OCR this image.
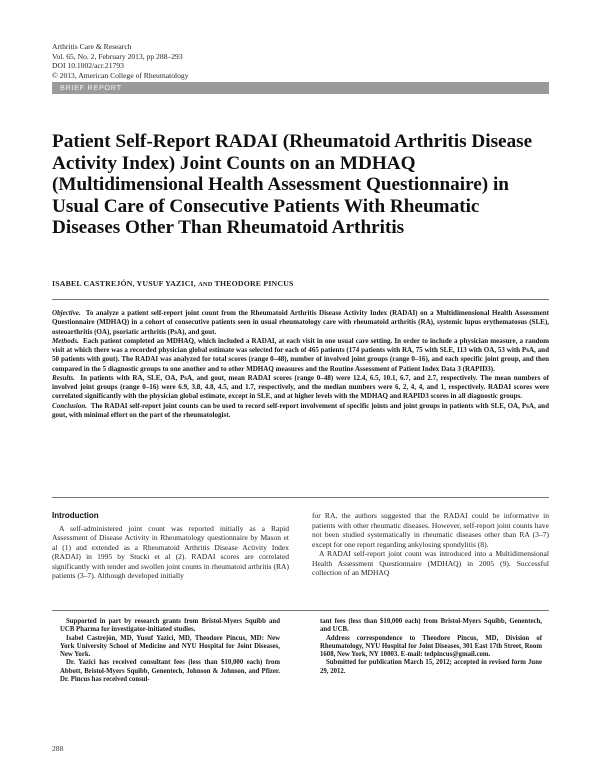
Arthritis Care & Research
Vol. 65, No. 2, February 2013, pp 288–293
DOI 10.1002/acr.21793
© 2013, American College of Rheumatology
BRIEF REPORT
Patient Self-Report RADAI (Rheumatoid Arthritis Disease Activity Index) Joint Counts on an MDHAQ (Multidimensional Health Assessment Questionnaire) in Usual Care of Consecutive Patients With Rheumatic Diseases Other Than Rheumatoid Arthritis
ISABEL CASTREJÓN, YUSUF YAZICI, AND THEODORE PINCUS

Objective. To analyze a patient self-report joint count from the Rheumatoid Arthritis Disease Activity Index (RADAI) on a Multidimensional Health Assessment Questionnaire (MDHAQ) in a cohort of consecutive patients seen in usual rheumatology care with rheumatoid arthritis (RA), systemic lupus erythematosus (SLE), osteoarthritis (OA), psoriatic arthritis (PsA), and gout.

Methods. Each patient completed an MDHAQ, which included a RADAI, at each visit in one usual care setting. In order to include a physician measure, a random visit at which there was a recorded physician global estimate was selected for each of 465 patients (174 patients with RA, 75 with SLE, 113 with OA, 53 with PsA, and 50 patients with gout). The RADAI was analyzed for total scores (range 0–48), number of involved joint groups (range 0–16), and each specific joint group, and then compared in the 5 diagnostic groups to one another and to other MDHAQ measures and the Routine Assessment of Patient Index Data 3 (RAPID3).

Results. In patients with RA, SLE, OA, PsA, and gout, mean RADAI scores (range 0–48) were 12.4, 6.5, 10.1, 6.7, and 2.7, respectively. The mean numbers of involved joint groups (range 0–16) were 6.9, 3.8, 4.8, 4.5, and 1.7, respectively, and the median numbers were 6, 2, 4, 4, and 1, respectively. RADAI scores were correlated significantly with the physician global estimate, except in SLE, and at higher levels with the MDHAQ and RAPID3 scores in all diagnostic groups.

Conclusion. The RADAI self-report joint counts can be used to record self-report involvement of specific joints and joint groups in patients with SLE, OA, PsA, and gout, with minimal effort on the part of the rheumatologist.

Introduction

A self-administered joint count was reported initially as a Rapid Assessment of Disease Activity in Rheumatology questionnaire by Mason et al (1) and extended as a Rheumatoid Arthritis Disease Activity Index (RADAI) in 1995 by Stucki et al (2). RADAI scores are correlated significantly with tender and swollen joint counts in rheumatoid arthritis (RA) patients (3–7). Although developed initially

for RA, the authors suggested that the RADAI could be informative in patients with other rheumatic diseases. However, self-report joint counts have not been studied systematically in rheumatic diseases other than RA (3–7) except for one report regarding ankylosing spondylitis (8).

A RADAI self-report joint count was introduced into a Multidimensional Health Assessment Questionnaire (MDHAQ) in 2005 (9). Successful collection of an MDHAQ

Supported in part by research grants from Bristol-Myers Squibb and UCB Pharma for investigator-initiated studies.

Isabel Castrejón, MD, Yusuf Yazici, MD, Theodore Pincus, MD: New York University School of Medicine and NYU Hospital for Joint Diseases, New York.

Dr. Yazici has received consultant fees (less than $10,000 each) from Abbott, Bristol-Myers Squibb, Genentech, Johnson & Johnson, and Pfizer. Dr. Pincus has received consul-

tant fees (less than $10,000 each) from Bristol-Myers Squibb, Genentech, and UCB.

Address correspondence to Theodore Pincus, MD, Division of Rheumatology, NYU Hospital for Joint Diseases, 301 East 17th Street, Room 1608, New York, NY 10003. E-mail: tedpincus@gmail.com.

Submitted for publication March 15, 2012; accepted in revised form June 29, 2012.

288
